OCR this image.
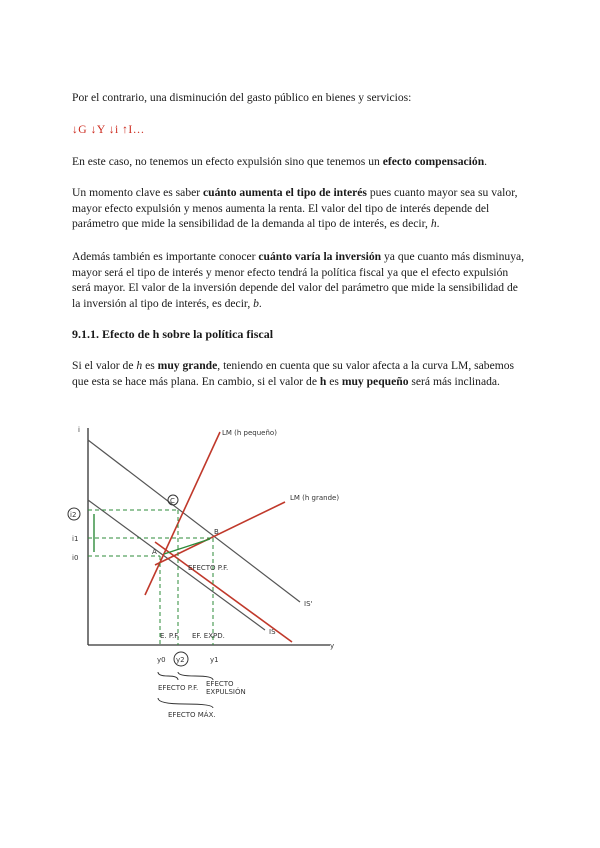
Por el contrario, una disminución del gasto público en bienes y servicios:
↓G ↓Y ↓i ↑I…
En este caso, no tenemos un efecto expulsión sino que tenemos un efecto compensación.
Un momento clave es saber cuánto aumenta el tipo de interés pues cuanto mayor sea su valor, mayor efecto expulsión y menos aumenta la renta. El valor del tipo de interés depende del parámetro que mide la sensibilidad de la demanda al tipo de interés, es decir, h.
Además también es importante conocer cuánto varía la inversión ya que cuanto más disminuya, mayor será el tipo de interés y menor efecto tendrá la política fiscal ya que el efecto expulsión será mayor. El valor de la inversión depende del valor del parámetro que mide la sensibilidad de la inversión al tipo de interés, es decir, b.
9.1.1. Efecto de h sobre la política fiscal
Si el valor de h es muy grande, teniendo en cuenta que su valor afecta a la curva LM, sabemos que esta se hace más plana. En cambio, si el valor de h es muy pequeño será más inclinada.
i
y
IS'
IS
LM (h pequeño)
LM (h grande)
C
B
A
i2
i1
i0
EFECTO P.F.
E. P.F. EF. EXPD.
y0 y2	y1
EFECTO P.F. EFECTO
EXPULSIÓN
EFECTO MÁX.
